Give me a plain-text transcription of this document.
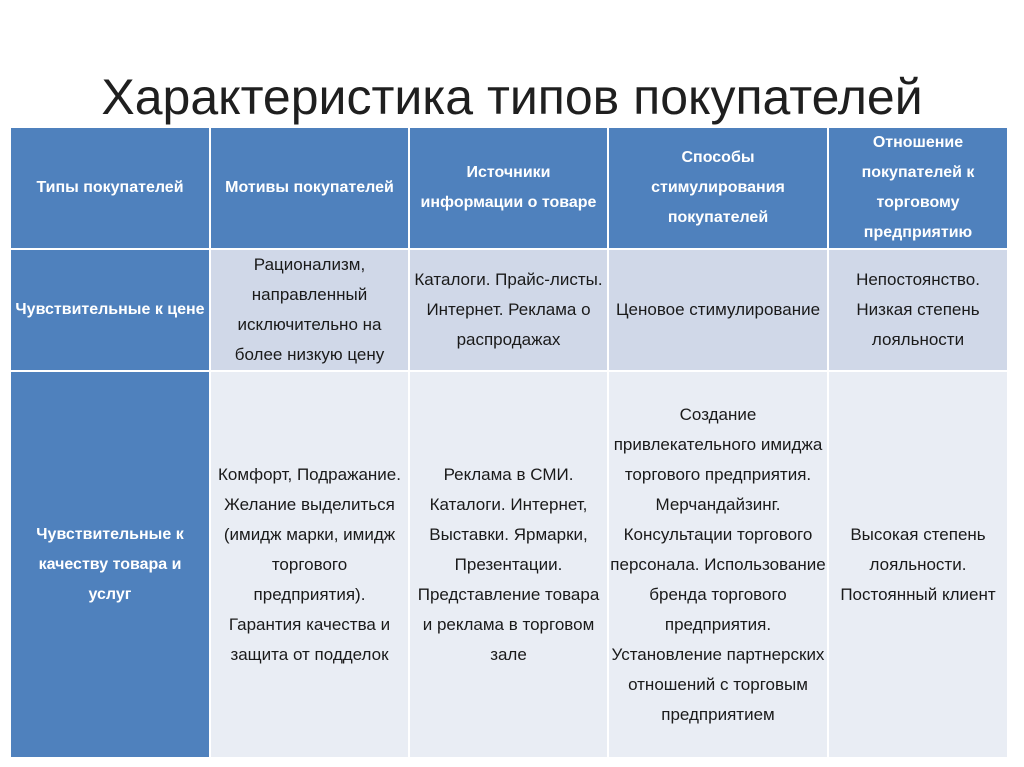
Характеристика типов покупателей
Типы покупателей	Мотивы покупателей	Источники информации о товаре	Способы стимулирования покупателей	Отношение покупателей к торговому предприятию
Чувствительные к цене	Рационализм, направленный исключительно на более низкую цену	Каталоги. Прайс-листы. Интернет. Реклама о распродажах	Ценовое стимулирование	Непостоянство. Низкая степень лояльности
Чувствительные к качеству товара и услуг	Комфорт, Подражание. Желание выделиться (имидж марки, имидж торгового предприятия). Гарантия качества и защита от подделок	Реклама в СМИ. Каталоги. Интернет, Выставки. Ярмарки, Презентации. Представление товара и реклама в торговом зале	Создание привлекательного имиджа торгового предприятия. Мерчандайзинг. Консультации торгового персонала. Использование бренда торгового предприятия. Установление партнерских отношений с торговым предприятием	Высокая степень лояльности. Постоянный клиент
